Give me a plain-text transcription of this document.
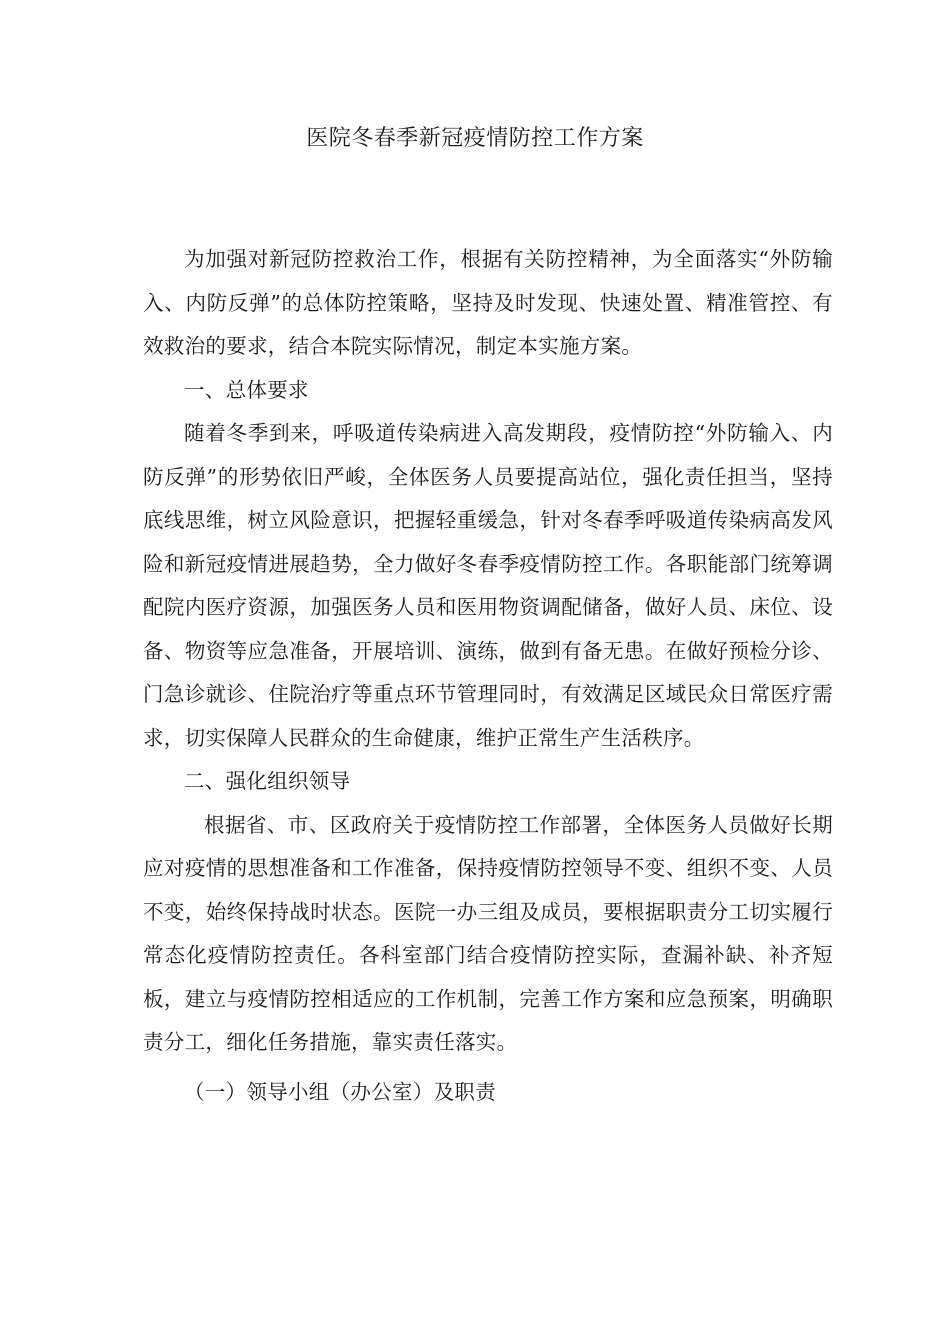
医院冬春季新冠疫情防控工作方案

为加强对新冠防控救治工作，根据有关防控精神，为全面落实“外防输入、内防反弹”的总体防控策略，坚持及时发现、快速处置、精准管控、有效救治的要求，结合本院实际情况，制定本实施方案。

一、总体要求

随着冬季到来，呼吸道传染病进入高发期段，疫情防控“外防输入、内防反弹”的形势依旧严峻，全体医务人员要提高站位，强化责任担当，坚持底线思维，树立风险意识，把握轻重缓急，针对冬春季呼吸道传染病高发风险和新冠疫情进展趋势，全力做好冬春季疫情防控工作。各职能部门统筹调配院内医疗资源，加强医务人员和医用物资调配储备，做好人员、床位、设备、物资等应急准备，开展培训、演练，做到有备无患。在做好预检分诊、门急诊就诊、住院治疗等重点环节管理同时，有效满足区域民众日常医疗需求，切实保障人民群众的生命健康，维护正常生产生活秩序。

二、强化组织领导

根据省、市、区政府关于疫情防控工作部署，全体医务人员做好长期应对疫情的思想准备和工作准备，保持疫情防控领导不变、组织不变、人员不变，始终保持战时状态。医院一办三组及成员，要根据职责分工切实履行常态化疫情防控责任。各科室部门结合疫情防控实际，查漏补缺、补齐短板，建立与疫情防控相适应的工作机制，完善工作方案和应急预案，明确职责分工，细化任务措施，靠实责任落实。

（一）领导小组（办公室）及职责
